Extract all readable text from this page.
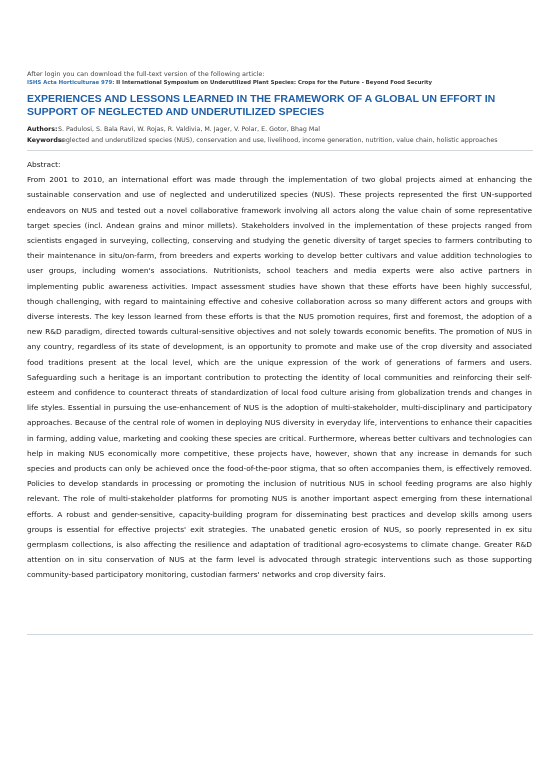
After login you can download the full-text version of the following article:
ISHS Acta Horticulturae 979: II International Symposium on Underutilized Plant Species: Crops for the Future - Beyond Food Security
EXPERIENCES AND LESSONS LEARNED IN THE FRAMEWORK OF A GLOBAL UN EFFORT IN SUPPORT OF NEGLECTED AND UNDERUTILIZED SPECIES
Authors: S. Padulosi, S. Bala Ravi, W. Rojas, R. Valdivia, M. Jager, V. Polar, E. Gotor, Bhag Mal
Keywords:
neglected and underutilized species (NUS), conservation and use, livelihood, income generation, nutrition, value chain, holistic approaches
Abstract:
From 2001 to 2010, an international effort was made through the implementation of two global projects aimed at enhancing the sustainable conservation and use of neglected and underutilized species (NUS). These projects represented the first UN-supported endeavors on NUS and tested out a novel collaborative framework involving all actors along the value chain of some representative target species (incl. Andean grains and minor millets). Stakeholders involved in the implementation of these projects ranged from scientists engaged in surveying, collecting, conserving and studying the genetic diversity of target species to farmers contributing to their maintenance in situ/on-farm, from breeders and experts working to develop better cultivars and value addition technologies to user groups, including women's associations. Nutritionists, school teachers and media experts were also active partners in implementing public awareness activities. Impact assessment studies have shown that these efforts have been highly successful, though challenging, with regard to maintaining effective and cohesive collaboration across so many different actors and groups with diverse interests. The key lesson learned from these efforts is that the NUS promotion requires, first and foremost, the adoption of a new R&D paradigm, directed towards cultural-sensitive objectives and not solely towards economic benefits. The promotion of NUS in any country, regardless of its state of development, is an opportunity to promote and make use of the crop diversity and associated food traditions present at the local level, which are the unique expression of the work of generations of farmers and users. Safeguarding such a heritage is an important contribution to protecting the identity of local communities and reinforcing their self-esteem and confidence to counteract threats of standardization of local food culture arising from globalization trends and changes in life styles. Essential in pursuing the use-enhancement of NUS is the adoption of multi-stakeholder, multi-disciplinary and participatory approaches. Because of the central role of women in deploying NUS diversity in everyday life, interventions to enhance their capacities in farming, adding value, marketing and cooking these species are critical. Furthermore, whereas better cultivars and technologies can help in making NUS economically more competitive, these projects have, however, shown that any increase in demands for such species and products can only be achieved once the food-of-the-poor stigma, that so often accompanies them, is effectively removed. Policies to develop standards in processing or promoting the inclusion of nutritious NUS in school feeding programs are also highly relevant. The role of multi-stakeholder platforms for promoting NUS is another important aspect emerging from these international efforts. A robust and gender-sensitive, capacity-building program for disseminating best practices and develop skills among users groups is essential for effective projects' exit strategies. The unabated genetic erosion of NUS, so poorly represented in ex situ germplasm collections, is also affecting the resilience and adaptation of traditional agro-ecosystems to climate change. Greater R&D attention on in situ conservation of NUS at the farm level is advocated through strategic interventions such as those supporting community-based participatory monitoring, custodian farmers' networks and crop diversity fairs.
